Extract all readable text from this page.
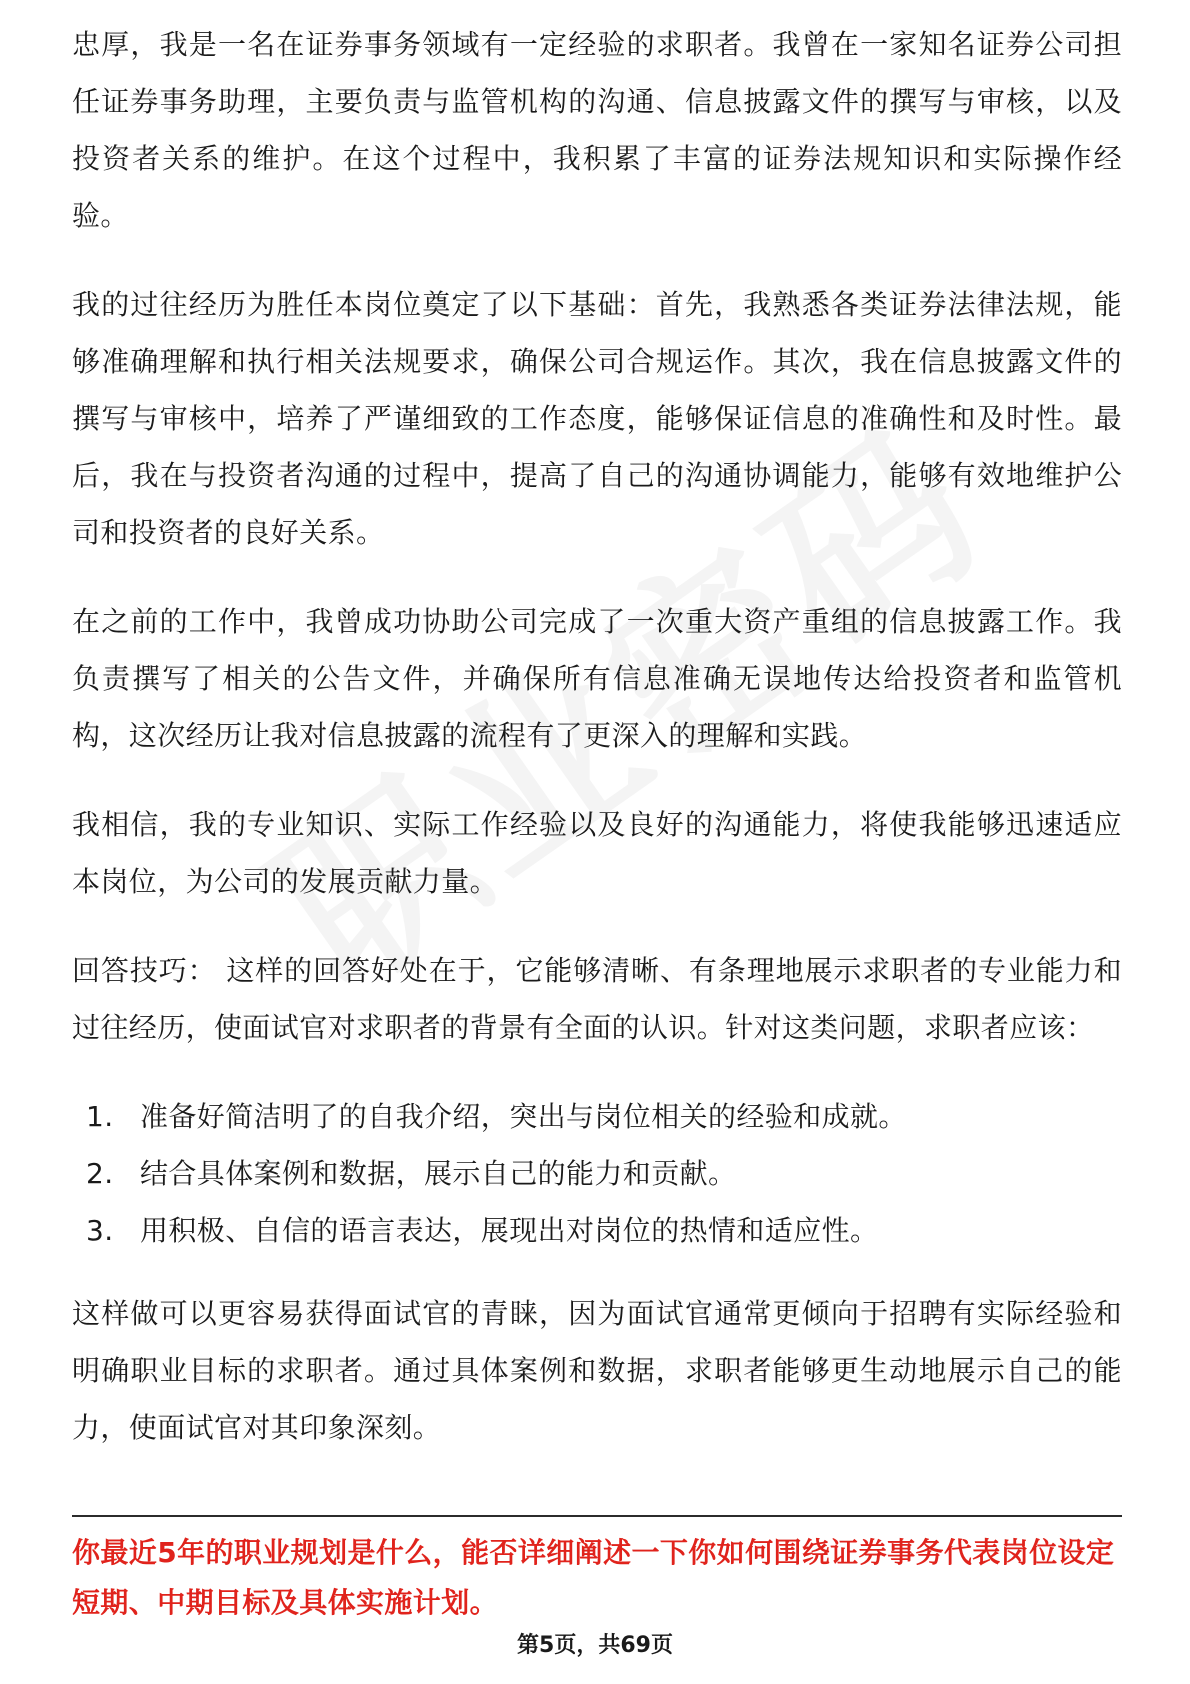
忠厚，我是一名在证券事务领域有一定经验的求职者。我曾在一家知名证券公司担任证券事务助理，主要负责与监管机构的沟通、信息披露文件的撰写与审核，以及投资者关系的维护。在这个过程中，我积累了丰富的证券法规知识和实际操作经验。

我的过往经历为胜任本岗位奠定了以下基础：首先，我熟悉各类证券法律法规，能够准确理解和执行相关法规要求，确保公司合规运作。其次，我在信息披露文件的撰写与审核中，培养了严谨细致的工作态度，能够保证信息的准确性和及时性。最后，我在与投资者沟通的过程中，提高了自己的沟通协调能力，能够有效地维护公司和投资者的良好关系。

在之前的工作中，我曾成功协助公司完成了一次重大资产重组的信息披露工作。我负责撰写了相关的公告文件，并确保所有信息准确无误地传达给投资者和监管机构，这次经历让我对信息披露的流程有了更深入的理解和实践。

我相信，我的专业知识、实际工作经验以及良好的沟通能力，将使我能够迅速适应本岗位，为公司的发展贡献力量。

回答技巧： 这样的回答好处在于，它能够清晰、有条理地展示求职者的专业能力和过往经历，使面试官对求职者的背景有全面的认识。针对这类问题，求职者应该：

1. 准备好简洁明了的自我介绍，突出与岗位相关的经验和成就。
2. 结合具体案例和数据，展示自己的能力和贡献。
3. 用积极、自信的语言表达，展现出对岗位的热情和适应性。

这样做可以更容易获得面试官的青睐，因为面试官通常更倾向于招聘有实际经验和明确职业目标的求职者。通过具体案例和数据，求职者能够更生动地展示自己的能力，使面试官对其印象深刻。

你最近5年的职业规划是什么，能否详细阐述一下你如何围绕证券事务代表岗位设定短期、中期目标及具体实施计划。
第5页，共69页
